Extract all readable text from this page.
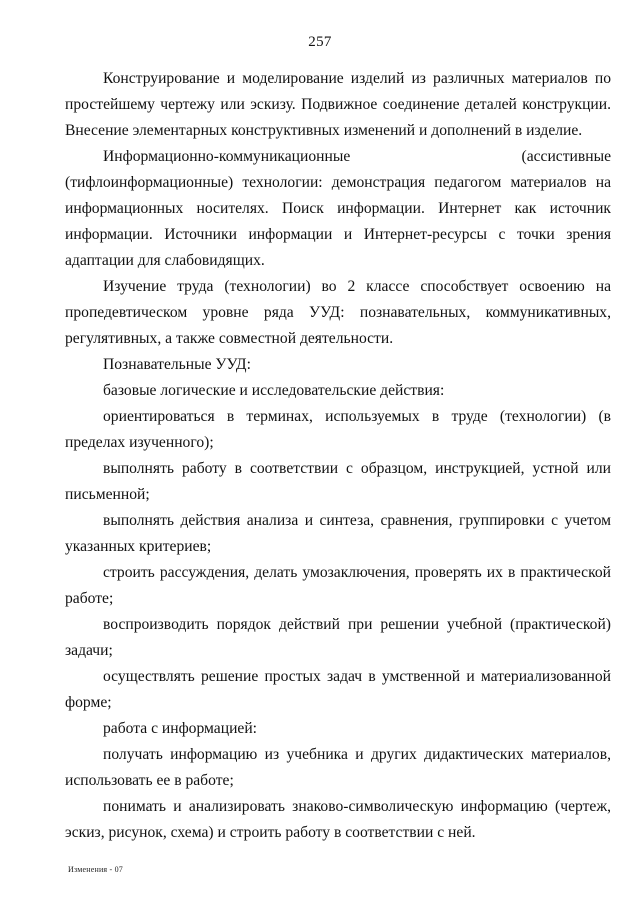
257

Конструирование и моделирование изделий из различных материалов по простейшему чертежу или эскизу. Подвижное соединение деталей конструкции. Внесение элементарных конструктивных изменений и дополнений в изделие.

Информационно-коммуникационные (ассистивные (тифлоинформационные) технологии: демонстрация педагогом материалов на информационных носителях. Поиск информации. Интернет как источник информации. Источники информации и Интернет-ресурсы с точки зрения адаптации для слабовидящих.

Изучение труда (технологии) во 2 классе способствует освоению на пропедевтическом уровне ряда УУД: познавательных, коммуникативных, регулятивных, а также совместной деятельности.

Познавательные УУД:

базовые логические и исследовательские действия:

ориентироваться в терминах, используемых в труде (технологии) (в пределах изученного);

выполнять работу в соответствии с образцом, инструкцией, устной или письменной;

выполнять действия анализа и синтеза, сравнения, группировки с учетом указанных критериев;

строить рассуждения, делать умозаключения, проверять их в практической работе;

воспроизводить порядок действий при решении учебной (практической) задачи;

осуществлять решение простых задач в умственной и материализованной форме;

работа с информацией:

получать информацию из учебника и других дидактических материалов, использовать ее в работе;

понимать и анализировать знаково-символическую информацию (чертеж, эскиз, рисунок, схема) и строить работу в соответствии с ней.

Изменения - 07
